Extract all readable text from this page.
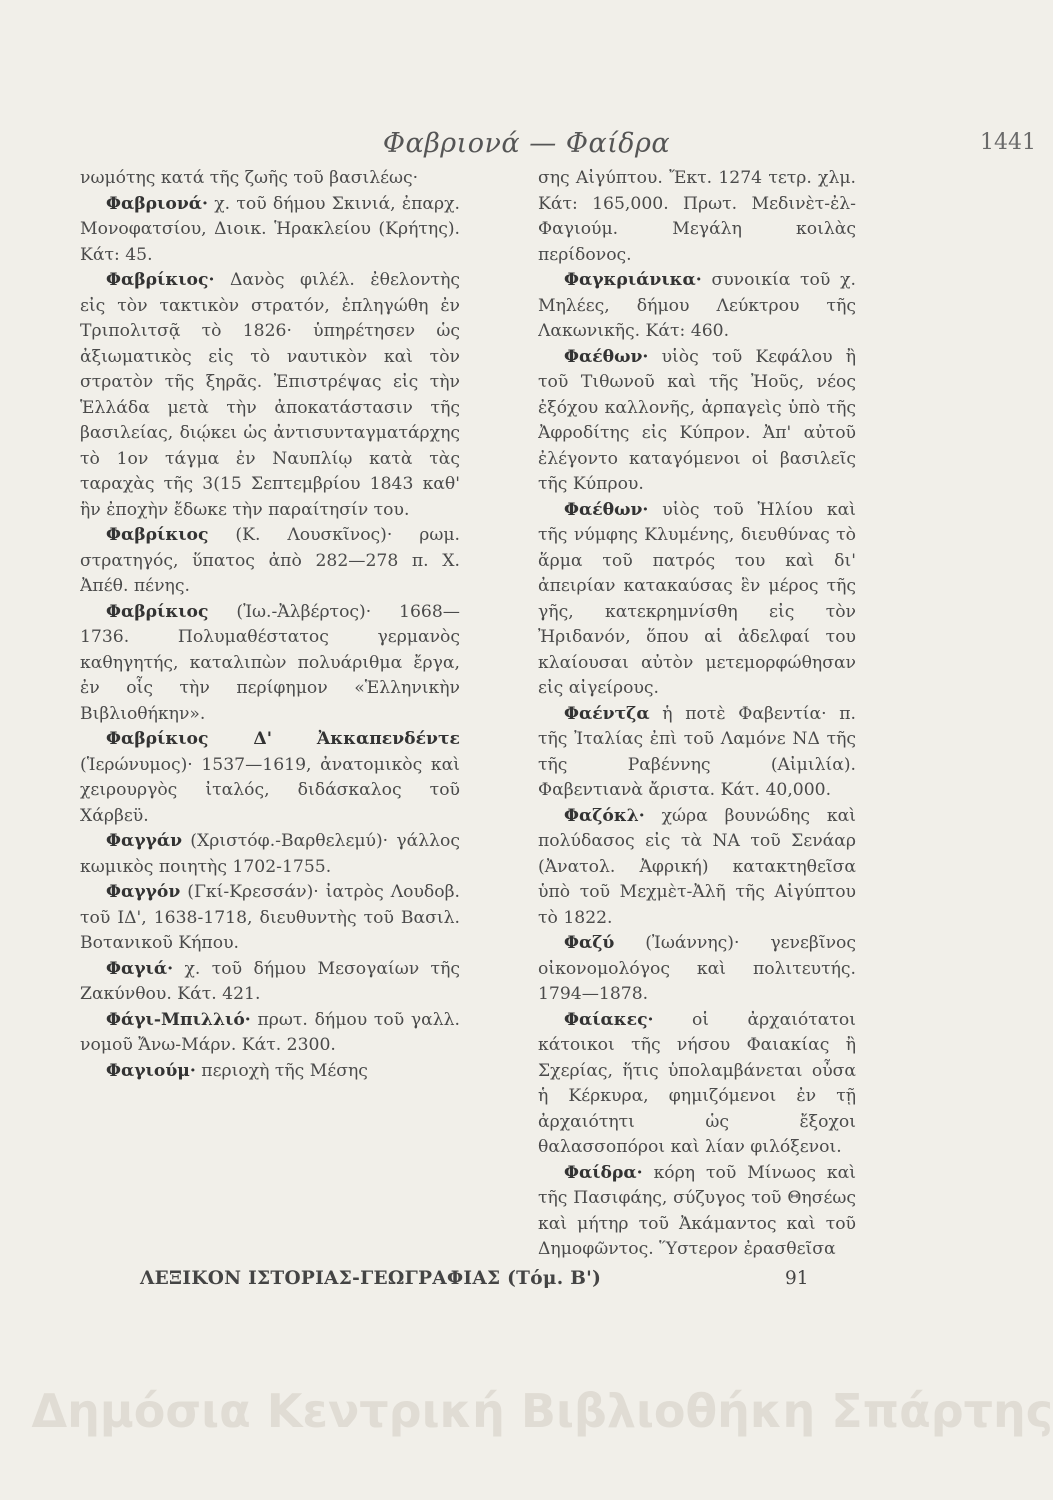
Φαβριονά — Φαίδρα	1441

νωμότης κατά τῆς ζωῆς τοῦ βασιλέως·

Φαβριονά· χ. τοῦ δήμου Σκινιά, ἐπαρχ. Μονοφατσίου, Διοικ. Ἡρακλείου (Κρήτης). Κάτ: 45.

Φαβρίκιος· Δανὸς φιλέλ. ἐθελοντὴς εἰς τὸν τακτικὸν στρατόν, ἐπληγώθη ἐν Τριπολιτσᾷ τὸ 1826· ὑπηρέτησεν ὡς ἀξιωματικὸς εἰς τὸ ναυτικὸν καὶ τὸν στρατὸν τῆς ξηρᾶς. Ἐπιστρέψας εἰς τὴν Ἑλλάδα μετὰ τὴν ἀποκατάστασιν τῆς βασιλείας, διῴκει ὡς ἀντισυνταγματάρχης τὸ 1ον τάγμα ἐν Ναυπλίῳ κατὰ τὰς ταραχὰς τῆς 3(15 Σεπτεμβρίου 1843 καθ' ἣν ἐποχὴν ἔδωκε τὴν παραίτησίν του.

Φαβρίκιος (Κ. Λουσκῖνος)· ρωμ. στρατηγός, ὕπατος ἀπὸ 282—278 π. Χ. Ἀπέθ. πένης.

Φαβρίκιος (Ἰω.-Ἀλβέρτος)· 1668—1736. Πολυμαθέστατος γερμανὸς καθηγητής, καταλιπὼν πολυάριθμα ἔργα, ἐν οἷς τὴν περίφημον «Ἑλληνικὴν Βιβλιοθήκην».

Φαβρίκιος Δ' Ἀκκαπενδέντε (Ἱερώνυμος)· 1537—1619, ἀνατομικὸς καὶ χειρουργὸς ἰταλός, διδάσκαλος τοῦ Χάρβεϋ.

Φαγγάν (Χριστόφ.-Βαρθελεμύ)· γάλλος κωμικὸς ποιητὴς 1702-1755.

Φαγγόν (Γκί-Κρεσσάν)· ἰατρὸς Λουδοβ. τοῦ ΙΔ', 1638-1718, διευθυντὴς τοῦ Βασιλ. Βοτανικοῦ Κήπου.

Φαγιά· χ. τοῦ δήμου Μεσογαίων τῆς Ζακύνθου. Κάτ. 421.

Φάγι-Μπιλλιό· πρωτ. δήμου τοῦ γαλλ. νομοῦ Ἄνω-Μάρν. Κάτ. 2300.

Φαγιούμ· περιοχὴ τῆς Μέσης

σης Αἰγύπτου. Ἔκτ. 1274 τετρ. χλμ. Κάτ: 165,000. Πρωτ. Μεδινὲτ-ἐλ-Φαγιούμ. Μεγάλη κοιλὰς περίδονος.

Φαγκριάνικα· συνοικία τοῦ χ. Μηλέες, δήμου Λεύκτρου τῆς Λακωνικῆς. Κάτ: 460.

Φαέθων· υἱὸς τοῦ Κεφάλου ἢ τοῦ Τιθωνοῦ καὶ τῆς Ἠοῦς, νέος ἐξόχου καλλονῆς, ἁρπαγεὶς ὑπὸ τῆς Ἀφροδίτης εἰς Κύπρον. Ἀπ' αὐτοῦ ἐλέγοντο καταγόμενοι οἱ βασιλεῖς τῆς Κύπρου.

Φαέθων· υἱὸς τοῦ Ἡλίου καὶ τῆς νύμφης Κλυμένης, διευθύνας τὸ ἅρμα τοῦ πατρός του καὶ δι' ἀπειρίαν κατακαύσας ἓν μέρος τῆς γῆς, κατεκρημνίσθη εἰς τὸν Ἠριδανόν, ὅπου αἱ ἀδελφαί του κλαίουσαι αὐτὸν μετεμορφώθησαν εἰς αἰγείρους.

Φαέντζα ἡ ποτὲ Φαβεντία· π. τῆς Ἰταλίας ἐπὶ τοῦ Λαμόνε ΝΔ τῆς τῆς Ραβέννης (Αἰμιλία). Φαβεντιανὰ ἄριστα. Κάτ. 40,000.

Φαζόκλ· χώρα βουνώδης καὶ πολύδασος εἰς τὰ ΝΑ τοῦ Σενάαρ (Ἀνατολ. Ἀφρική) κατακτηθεῖσα ὑπὸ τοῦ Μεχμὲτ-Ἀλῆ τῆς Αἰγύπτου τὸ 1822.

Φαζύ (Ἰωάννης)· γενεβῖνος οἰκονομολόγος καὶ πολιτευτής. 1794—1878.

Φαίακες· οἱ ἀρχαιότατοι κάτοικοι τῆς νήσου Φαιακίας ἢ Σχερίας, ἥτις ὑπολαμβάνεται οὖσα ἡ Κέρκυρα, φημιζόμενοι ἐν τῇ ἀρχαιότητι ὡς ἔξοχοι θαλασσοπόροι καὶ λίαν φιλόξενοι.

Φαίδρα· κόρη τοῦ Μίνωος καὶ τῆς Πασιφάης, σύζυγος τοῦ Θησέως καὶ μήτηρ τοῦ Ἀκάμαντος καὶ τοῦ Δημοφῶντος. Ὕστερον ἐρασθεῖσα

ΛΕΞΙΚΟΝ ΙΣΤΟΡΙΑΣ-ΓΕΩΓΡΑΦΙΑΣ (Τόμ. Β')	91
Δημόσια Κεντρική Βιβλιοθήκη Σπάρτης
